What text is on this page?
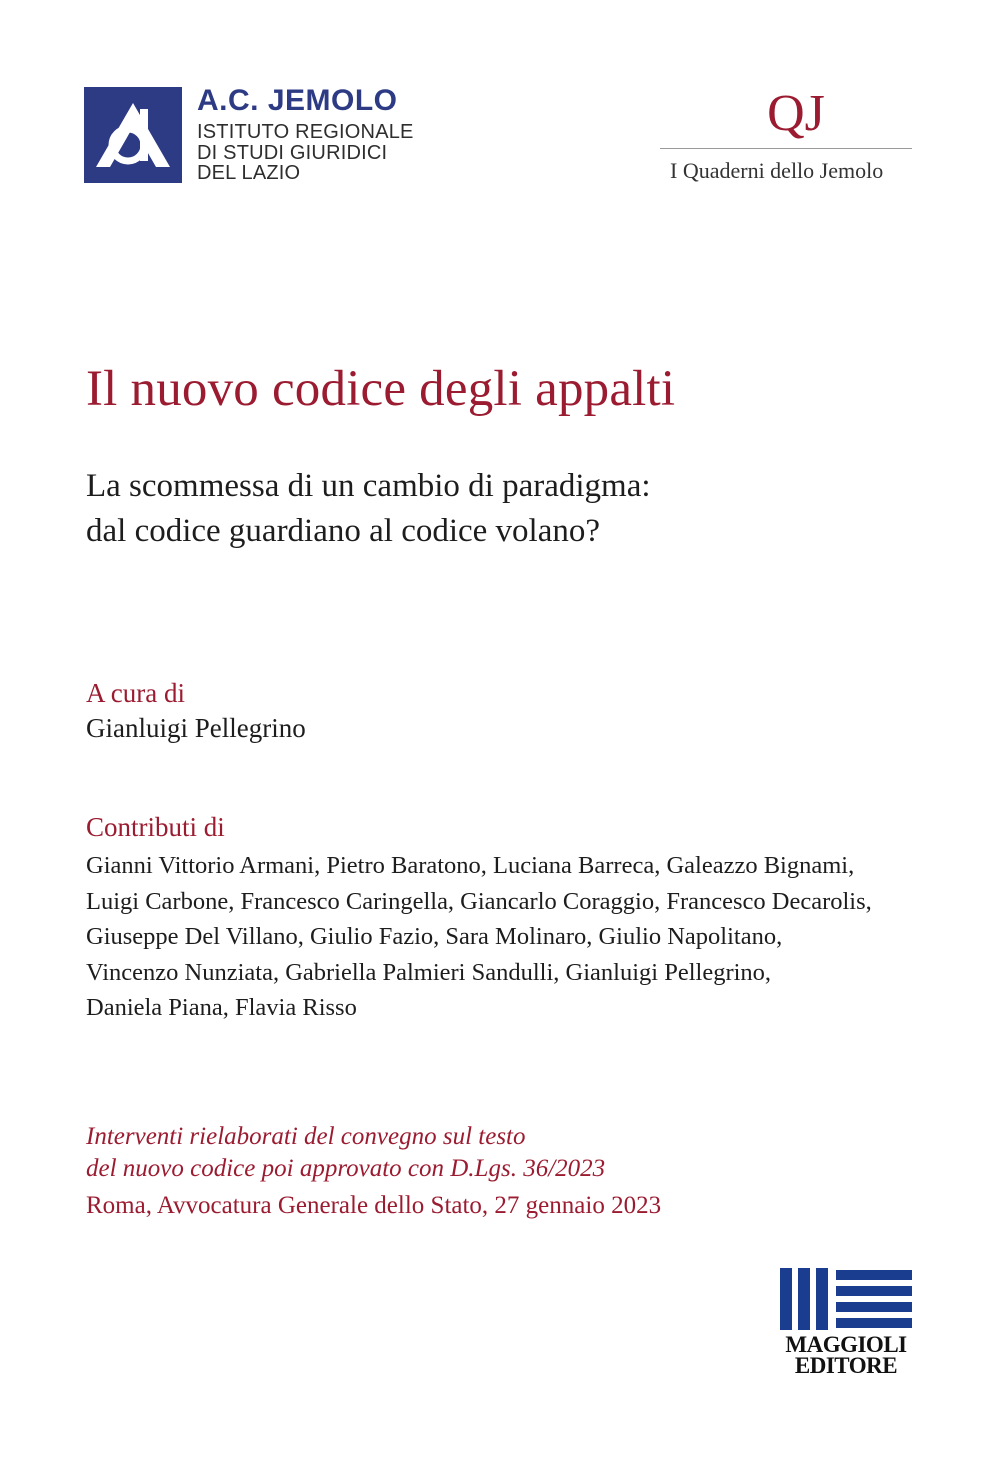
A.C. JEMOLO
ISTITUTO REGIONALE
DI STUDI GIURIDICI
DEL LAZIO
QJ
I Quaderni dello Jemolo
Il nuovo codice degli appalti
La scommessa di un cambio di paradigma:
dal codice guardiano al codice volano?
A cura di
Gianluigi Pellegrino
Contributi di
Gianni Vittorio Armani, Pietro Baratono, Luciana Barreca, Galeazzo Bignami,
Luigi Carbone, Francesco Caringella, Giancarlo Coraggio, Francesco Decarolis,
Giuseppe Del Villano, Giulio Fazio, Sara Molinaro, Giulio Napolitano,
Vincenzo Nunziata, Gabriella Palmieri Sandulli, Gianluigi Pellegrino,
Daniela Piana, Flavia Risso
Interventi rielaborati del convegno sul testo
del nuovo codice poi approvato con D.Lgs. 36/2023
Roma, Avvocatura Generale dello Stato, 27 gennaio 2023
MAGGIOLI
EDITORE
